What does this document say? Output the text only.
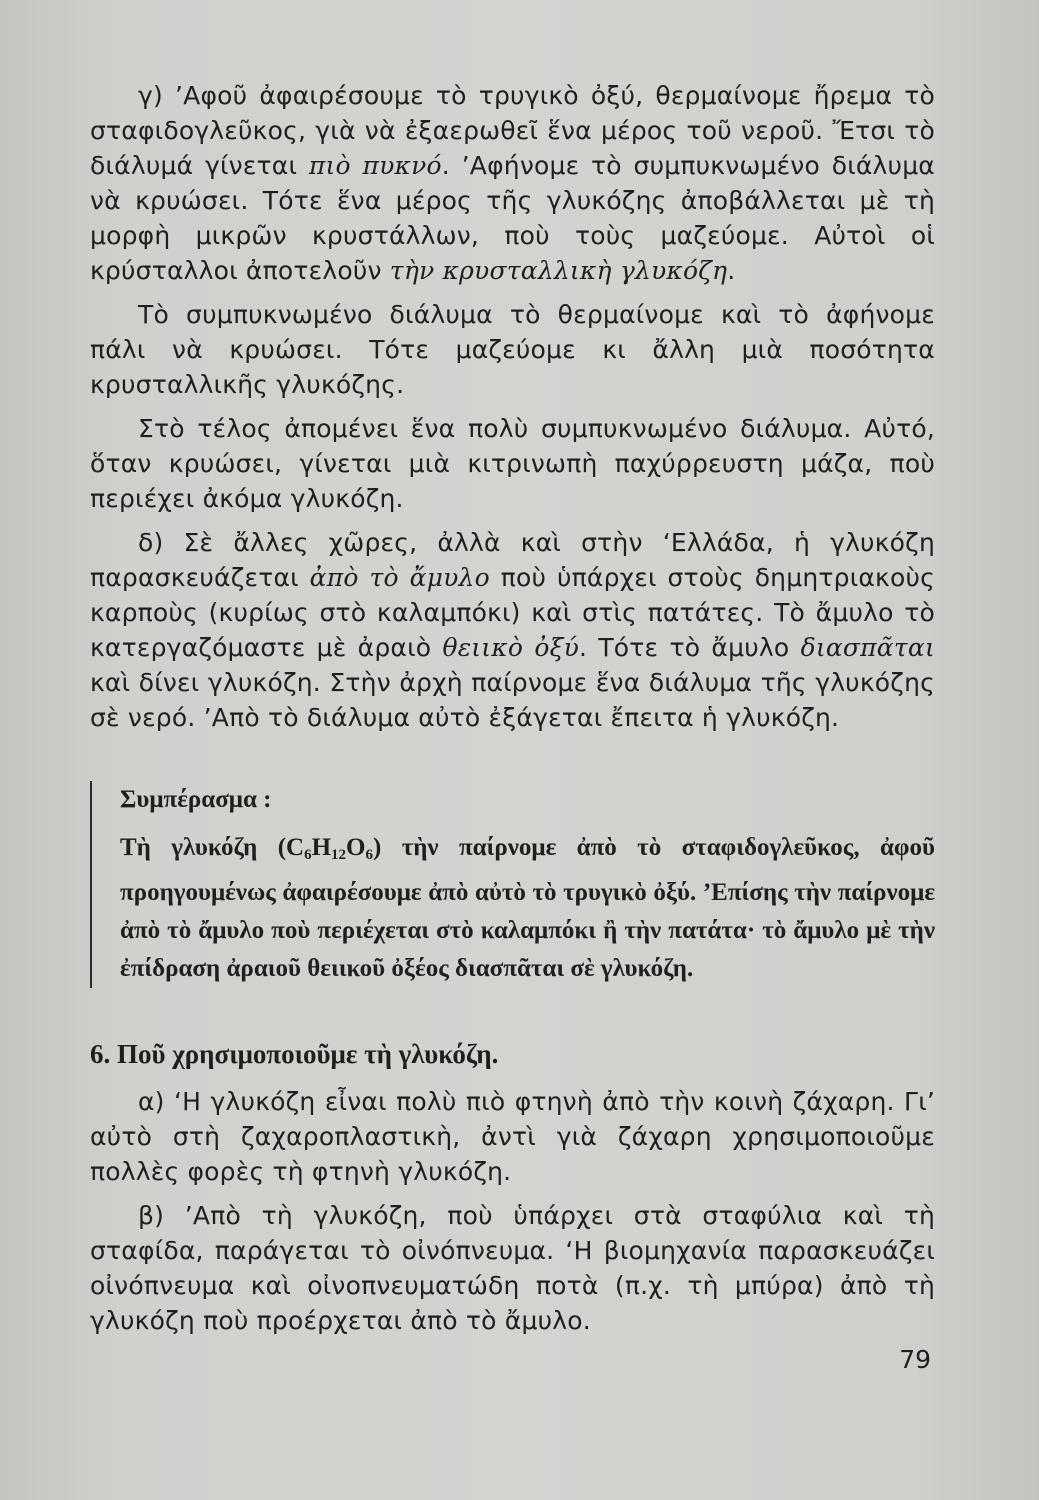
γ) ’Αφοῦ ἀφαιρέσουμε τὸ τρυγικὸ ὀξύ, θερμαίνομε ἤρεμα τὸ σταφιδογλεῦκος, γιὰ νὰ ἐξαερωθεῖ ἕνα μέρος τοῦ νεροῦ. Ἔτσι τὸ διάλυμά γίνεται πιὸ πυκνό. ’Αφήνομε τὸ συμπυκνωμένο διάλυμα νὰ κρυώσει. Τότε ἕνα μέρος τῆς γλυκόζης ἀποβάλλεται μὲ τὴ μορφὴ μικρῶν κρυστάλλων, ποὺ τοὺς μαζεύομε. Αὐτοὶ οἱ κρύσταλλοι ἀποτελοῦν τὴν κρυσταλλικὴ γλυκόζη.

Τὸ συμπυκνωμένο διάλυμα τὸ θερμαίνομε καὶ τὸ ἀφήνομε πάλι νὰ κρυώσει. Τότε μαζεύομε κι ἄλλη μιὰ ποσότητα κρυσταλλικῆς γλυκόζης.

Στὸ τέλος ἀπομένει ἕνα πολὺ συμπυκνωμένο διάλυμα. Αὐτό, ὅταν κρυώσει, γίνεται μιὰ κιτρινωπὴ παχύρρευστη μάζα, ποὺ περιέχει ἀκόμα γλυκόζη.

δ) Σὲ ἄλλες χῶρες, ἀλλὰ καὶ στὴν ‘Ελλάδα, ἡ γλυκόζη παρασκευάζεται ἀπὸ τὸ ἄμυλο ποὺ ὑπάρχει στοὺς δημητριακοὺς καρποὺς (κυρίως στὸ καλαμπόκι) καὶ στὶς πατάτες. Τὸ ἄμυλο τὸ κατεργαζόμαστε μὲ ἀραιὸ θειικὸ ὀξύ. Τότε τὸ ἄμυλο διασπᾶται καὶ δίνει γλυκόζη. Στὴν ἀρχὴ παίρνομε ἕνα διάλυμα τῆς γλυκόζης σὲ νερό. ’Απὸ τὸ διάλυμα αὐτὸ ἐξάγεται ἔπειτα ἡ γλυκόζη.

Συμπέρασμα :

Τὴ γλυκόζη $(C_6H_{12}O_6)$ τὴν παίρνομε ἀπὸ τὸ σταφιδογλεῦκος, ἀφοῦ προηγουμένως ἀφαιρέσουμε ἀπὸ αὐτὸ τὸ τρυγικὸ ὀξύ. ’Επίσης τὴν παίρνομε ἀπὸ τὸ ἄμυλο ποὺ περιέχεται στὸ καλαμπόκι ἢ τὴν πατάτα· τὸ ἄμυλο μὲ τὴν ἐπίδραση ἀραιοῦ θειικοῦ ὀξέος διασπᾶται σὲ γλυκόζη.

6. Ποῦ χρησιμοποιοῦμε τὴ γλυκόζη.

α) ‘Η γλυκόζη εἶναι πολὺ πιὸ φτηνὴ ἀπὸ τὴν κοινὴ ζάχαρη. Γι’ αὐτὸ στὴ ζαχαροπλαστικὴ, ἀντὶ γιὰ ζάχαρη χρησιμοποιοῦμε πολλὲς φορὲς τὴ φτηνὴ γλυκόζη.

β) ’Απὸ τὴ γλυκόζη, ποὺ ὑπάρχει στὰ σταφύλια καὶ τὴ σταφίδα, παράγεται τὸ οἰνόπνευμα. ‘Η βιομηχανία παρασκευάζει οἰνόπνευμα καὶ οἰνοπνευματώδη ποτὰ (π.χ. τὴ μπύρα) ἀπὸ τὴ γλυκόζη ποὺ προέρχεται ἀπὸ τὸ ἄμυλο.

79
